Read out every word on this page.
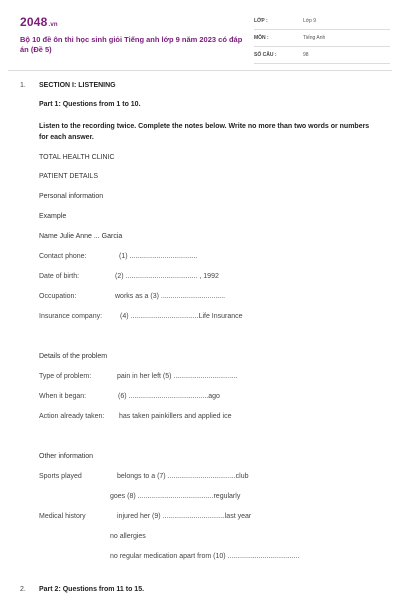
2048.vn
Bộ 10 đề ôn thi học sinh giỏi Tiếng anh lớp 9 năm 2023 có đáp án (Đề 5)
LỚP :	Lớp 9
MÔN :	Tiếng Anh
SỐ CÂU :	98
1. SECTION I: LISTENING
Part 1: Questions from 1 to 10.
Listen to the recording twice. Complete the notes below. Write no more than two words or numbers for each answer.
TOTAL HEALTH CLINIC
PATIENT DETAILS
Personal information
Example
Name Julie Anne ... Garcia
Contact phone:	(1) ...................................
Date of birth:	(2) ..................................... , 1992
Occupation:	works as a (3) .................................
Insurance company:	(4) ...................................Life Insurance
Details of the problem
Type of problem:	pain in her left (5) .................................
When it began:	(6) .........................................ago
Action already taken: has taken painkillers and applied ice
Other information
Sports played	belongs to a (7) ...................................club
goes (8) .......................................regularly
Medical history	injured her (9) ................................last year
no allergies
no regular medication apart from (10) .....................................
2. Part 2: Questions from 11 to 15.
